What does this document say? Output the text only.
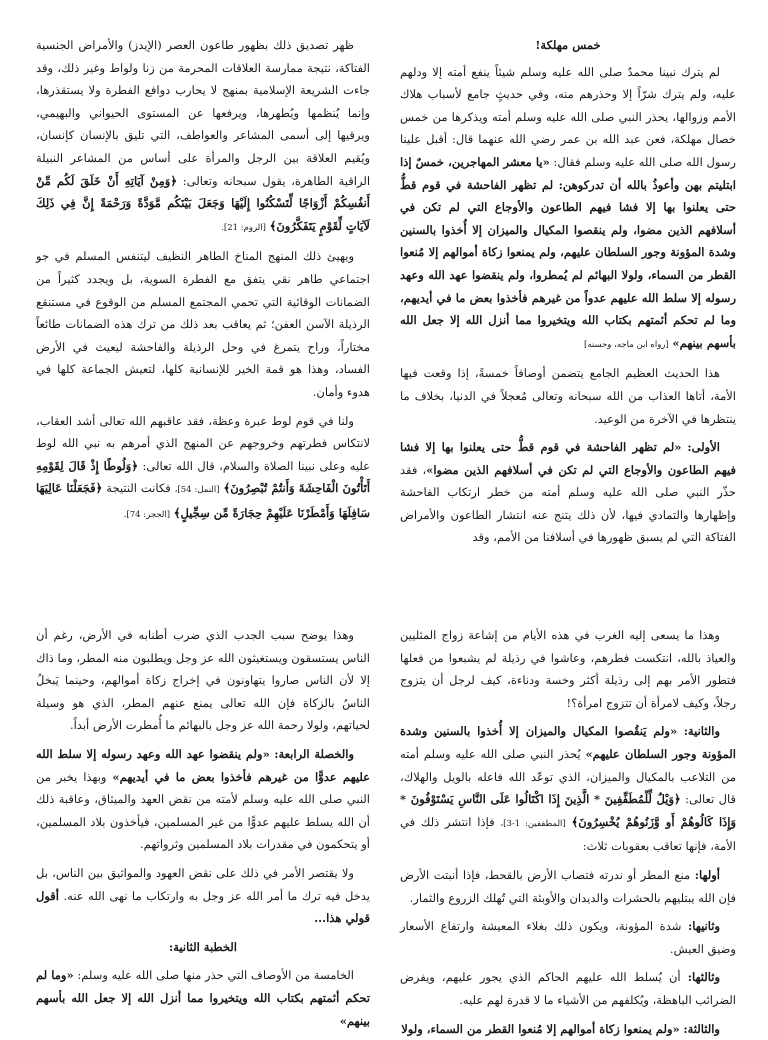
خمس مهلكة!

لم يترك نبينا محمدٌ صلى الله عليه وسلم شيئاً ينفع أمته إلا ودلهم عليه، ولم يترك شرّاً إلا وحذرهم منه، وفي حديثٍ جامع لأسباب هلاك الأمم وزوالها، يحذر النبي صلى الله عليه وسلم أمته ويذكرها من خمس خصال مهلكة، فعن عبد الله بن عمر رضي الله عنهما قال: أقبل علينا رسول الله صلى الله عليه وسلم فقال: «يا معشر المهاجرين، خمسٌ إذا ابتليتم بهن وأعوذُ بالله أن تدركوهن: لم تظهر الفاحشة في قوم قطُّ حتى يعلنوا بها إلا فشا فيهم الطاعون والأوجاع التي لم تكن في أسلافهم الذين مضوا، ولم ينقصوا المكيال والميزان إلا أُخذوا بالسنين وشدة المؤونة وجور السلطان عليهم، ولم يمنعوا زكاة أموالهم إلا مُنعوا القطر من السماء، ولولا البهائم لم يُمطروا، ولم ينقضوا عهد الله وعهد رسوله إلا سلط الله عليهم عدواً من غيرهم فأخذوا بعض ما في أيديهم، وما لم تحكم أئمتهم بكتاب الله ويتخيروا مما أنزل الله إلا جعل الله بأسهم بينهم» [رواه ابن ماجه، وحسنه]

هذا الحديث العظيم الجامع يتضمن أوصافاً خمسةً، إذا وقعت فيها الأمة، أتاها العذاب من الله سبحانه وتعالى مُعجلاً في الدنيا، بخلاف ما ينتظرها في الآخرة من الوعيد.

الأولى: «لم تظهر الفاحشة في قوم قطُّ حتى يعلنوا بها إلا فشا فيهم الطاعون والأوجاع التي لم تكن في أسلافهم الذين مضوا»، فقد حذّر النبي صلى الله عليه وسلم أمته من خطر ارتكاب الفاحشة وإظهارها والتمادي فيها، لأن ذلك يتنج عنه انتشار الطاعون والأمراض الفتاكة التي لم يسبق ظهورها في أسلافنا من الأمم، وقد

ظهر تصديق ذلك بظهور طاعون العصر (الإيدز) والأمراض الجنسية الفتاكة، نتيجة ممارسة العلاقات المحرمة من زنا ولواط وغير ذلك، وقد جاءت الشريعة الإسلامية بمنهج لا يحارب دوافع الفطرة ولا يستقذرها، وإنما يُنظمها ويُطهرها، ويرفعها عن المستوى الحيواني والبهيمي، ويرقيها إلى أسمى المشاعر والعواطف، التي تليق بالإنسان كإنسان، ويُقيم العلاقة بين الرجل والمرأة على أساس من المشاعر النبيلة الراقية الطاهرة، يقول سبحانه وتعالى: ﴿وَمِنْ آيَاتِهِ أَنْ خَلَقَ لَكُم مِّنْ أَنفُسِكُمْ أَزْوَاجًا لِّتَسْكُنُوا إِلَيْهَا وَجَعَلَ بَيْنَكُم مَّوَدَّةً وَرَحْمَةً إِنَّ فِي ذَلِكَ لَآيَاتٍ لِّقَوْمٍ يَتَفَكَّرُونَ﴾ [الروم: 21].

ويهيئ ذلك المنهج المناخ الطاهر النظيف ليتنفس المسلم في جو اجتماعي طاهر نقي يتفق مع الفطرة السوية، بل ويجدد كثيراً من الضمانات الوقائية التي تحمي المجتمع المسلم من الوقوع في مستنقع الرذيلة الآسن العفن؛ ثم يعاقب بعد ذلك من ترك هذه الضمانات طائعاً مختاراً، وراح يتمرغ في وحل الرذيلة والفاحشة ليعيث في الأرض الفساد، وهذا هو قمة الخير للإنسانية كلها، لتعيش الجماعة كلها في هدوء وأمان.

ولنا في قوم لوط عبرة وعظة، فقد عاقبهم الله تعالى أشد العقاب، لانتكاس فطرتهم وخروجهم عن المنهج الذي أمرهم به نبي الله لوط عليه وعلى نبينا الصلاة والسلام، قال الله تعالى: ﴿وَلُوطًا إِذْ قَالَ لِقَوْمِهِ أَتَأْتُونَ الْفَاحِشَةَ وَأَنتُمْ تُبْصِرُونَ﴾ [النمل: 54]، فكانت النتيجة ﴿فَجَعَلْنَا عَالِيَهَا سَافِلَهَا وَأَمْطَرْنَا عَلَيْهِمْ حِجَارَةً مِّن سِجِّيلٍ﴾ [الحجر: 74].

وهذا ما يسعى إليه الغرب في هذه الأيام من إشاعة زواج المثليين والعياذ بالله، انتكست فطرهم، وعاشوا في رذيلة لم يشبعوا من فعلها فتطور الأمر بهم إلى رذيلة أكثر وخسة ودناءة، كيف لرجل أن يتزوج رجلاً، وكيف لامرأة أن تتزوج امرأة؟!

والثانية: «ولم يَنقُصوا المكيال والميزان إلا أُخذوا بالسنين وشدة المؤونة وجور السلطان عليهم» يُحذر النبي صلى الله عليه وسلم أمته من التلاعب بالمكيال والميزان، الذي توعّد الله فاعله بالويل والهلاك، قال تعالى: ﴿وَيْلٌ لِّلْمُطَفِّفِينَ * الَّذِينَ إِذَا اكْتَالُوا عَلَى النَّاسِ يَسْتَوْفُونَ * وَإِذَا كَالُوهُمْ أَو وَّزَنُوهُمْ يُخْسِرُونَ﴾ [المطففين: 1-3]، فإذا انتشر ذلك في الأمة، فإنها تعاقب بعقوبات ثلاث:

أولها: منع المطر أو ندرته فتصاب الأرض بالقحط، فإذا أنبتت الأرض فإن الله يبتليهم بالحشرات والديدان والأوبئة التي تُهلك الزروع والثمار.

وثانيها: شدة المؤونة، ويكون ذلك بغلاء المعيشة وارتفاع الأسعار وضيق العيش.

وثالثها: أن يُسلط الله عليهم الحاكم الذي يجور عليهم، ويفرض الضرائب الباهظة، ويُكلفهم من الأشياء ما لا قدرة لهم عليه.

والثالثة: «ولم يمنعوا زكاة أموالهم إلا مُنعوا القطر من السماء، ولولا

وهذا يوضح سبب الجدب الذي ضرب أطنابه في الأرض، رغم أن الناس يستسقون ويستغيثون الله عز وجل ويطلبون منه المطر، وما ذاك إلا لأن الناس صاروا يتهاونون في إخراج زكاة أموالهم، وحينما يَبخلُ الناسُ بالزكاة فإن الله تعالى يمنع عنهم المطر، الذي هو وسيلة لحياتهم، ولولا رحمة الله عز وجل بالبهائم ما أُمطرت الأرض أبداً.

والخصلة الرابعة: «ولم ينقضوا عهد الله وعهد رسوله إلا سلط الله عليهم عدوًّا من غيرهم فأخذوا بعض ما في أيديهم» وبهذا يخبر من النبي صلى الله عليه وسلم لأمته من نقض العهد والميثاق، وعاقبة ذلك أن الله يسلط عليهم عدوًّا من غير المسلمين، فيأخذون بلاد المسلمين، أو يتحكمون في مقدرات بلاد المسلمين وثرواتهم.

ولا يقتصر الأمر في ذلك على نقض العهود والمواثيق بين الناس، بل يدخل فيه ترك ما أمر الله عز وجل به وارتكاب ما نهى الله عنه. أقول قولي هذا...

الخطبة الثانية:

الخامسة من الأوصاف التي حذر منها صلى الله عليه وسلم: «وما لم تحكم أئمتهم بكتاب الله ويتخيروا مما أنزل الله إلا جعل الله بأسهم بينهم»
